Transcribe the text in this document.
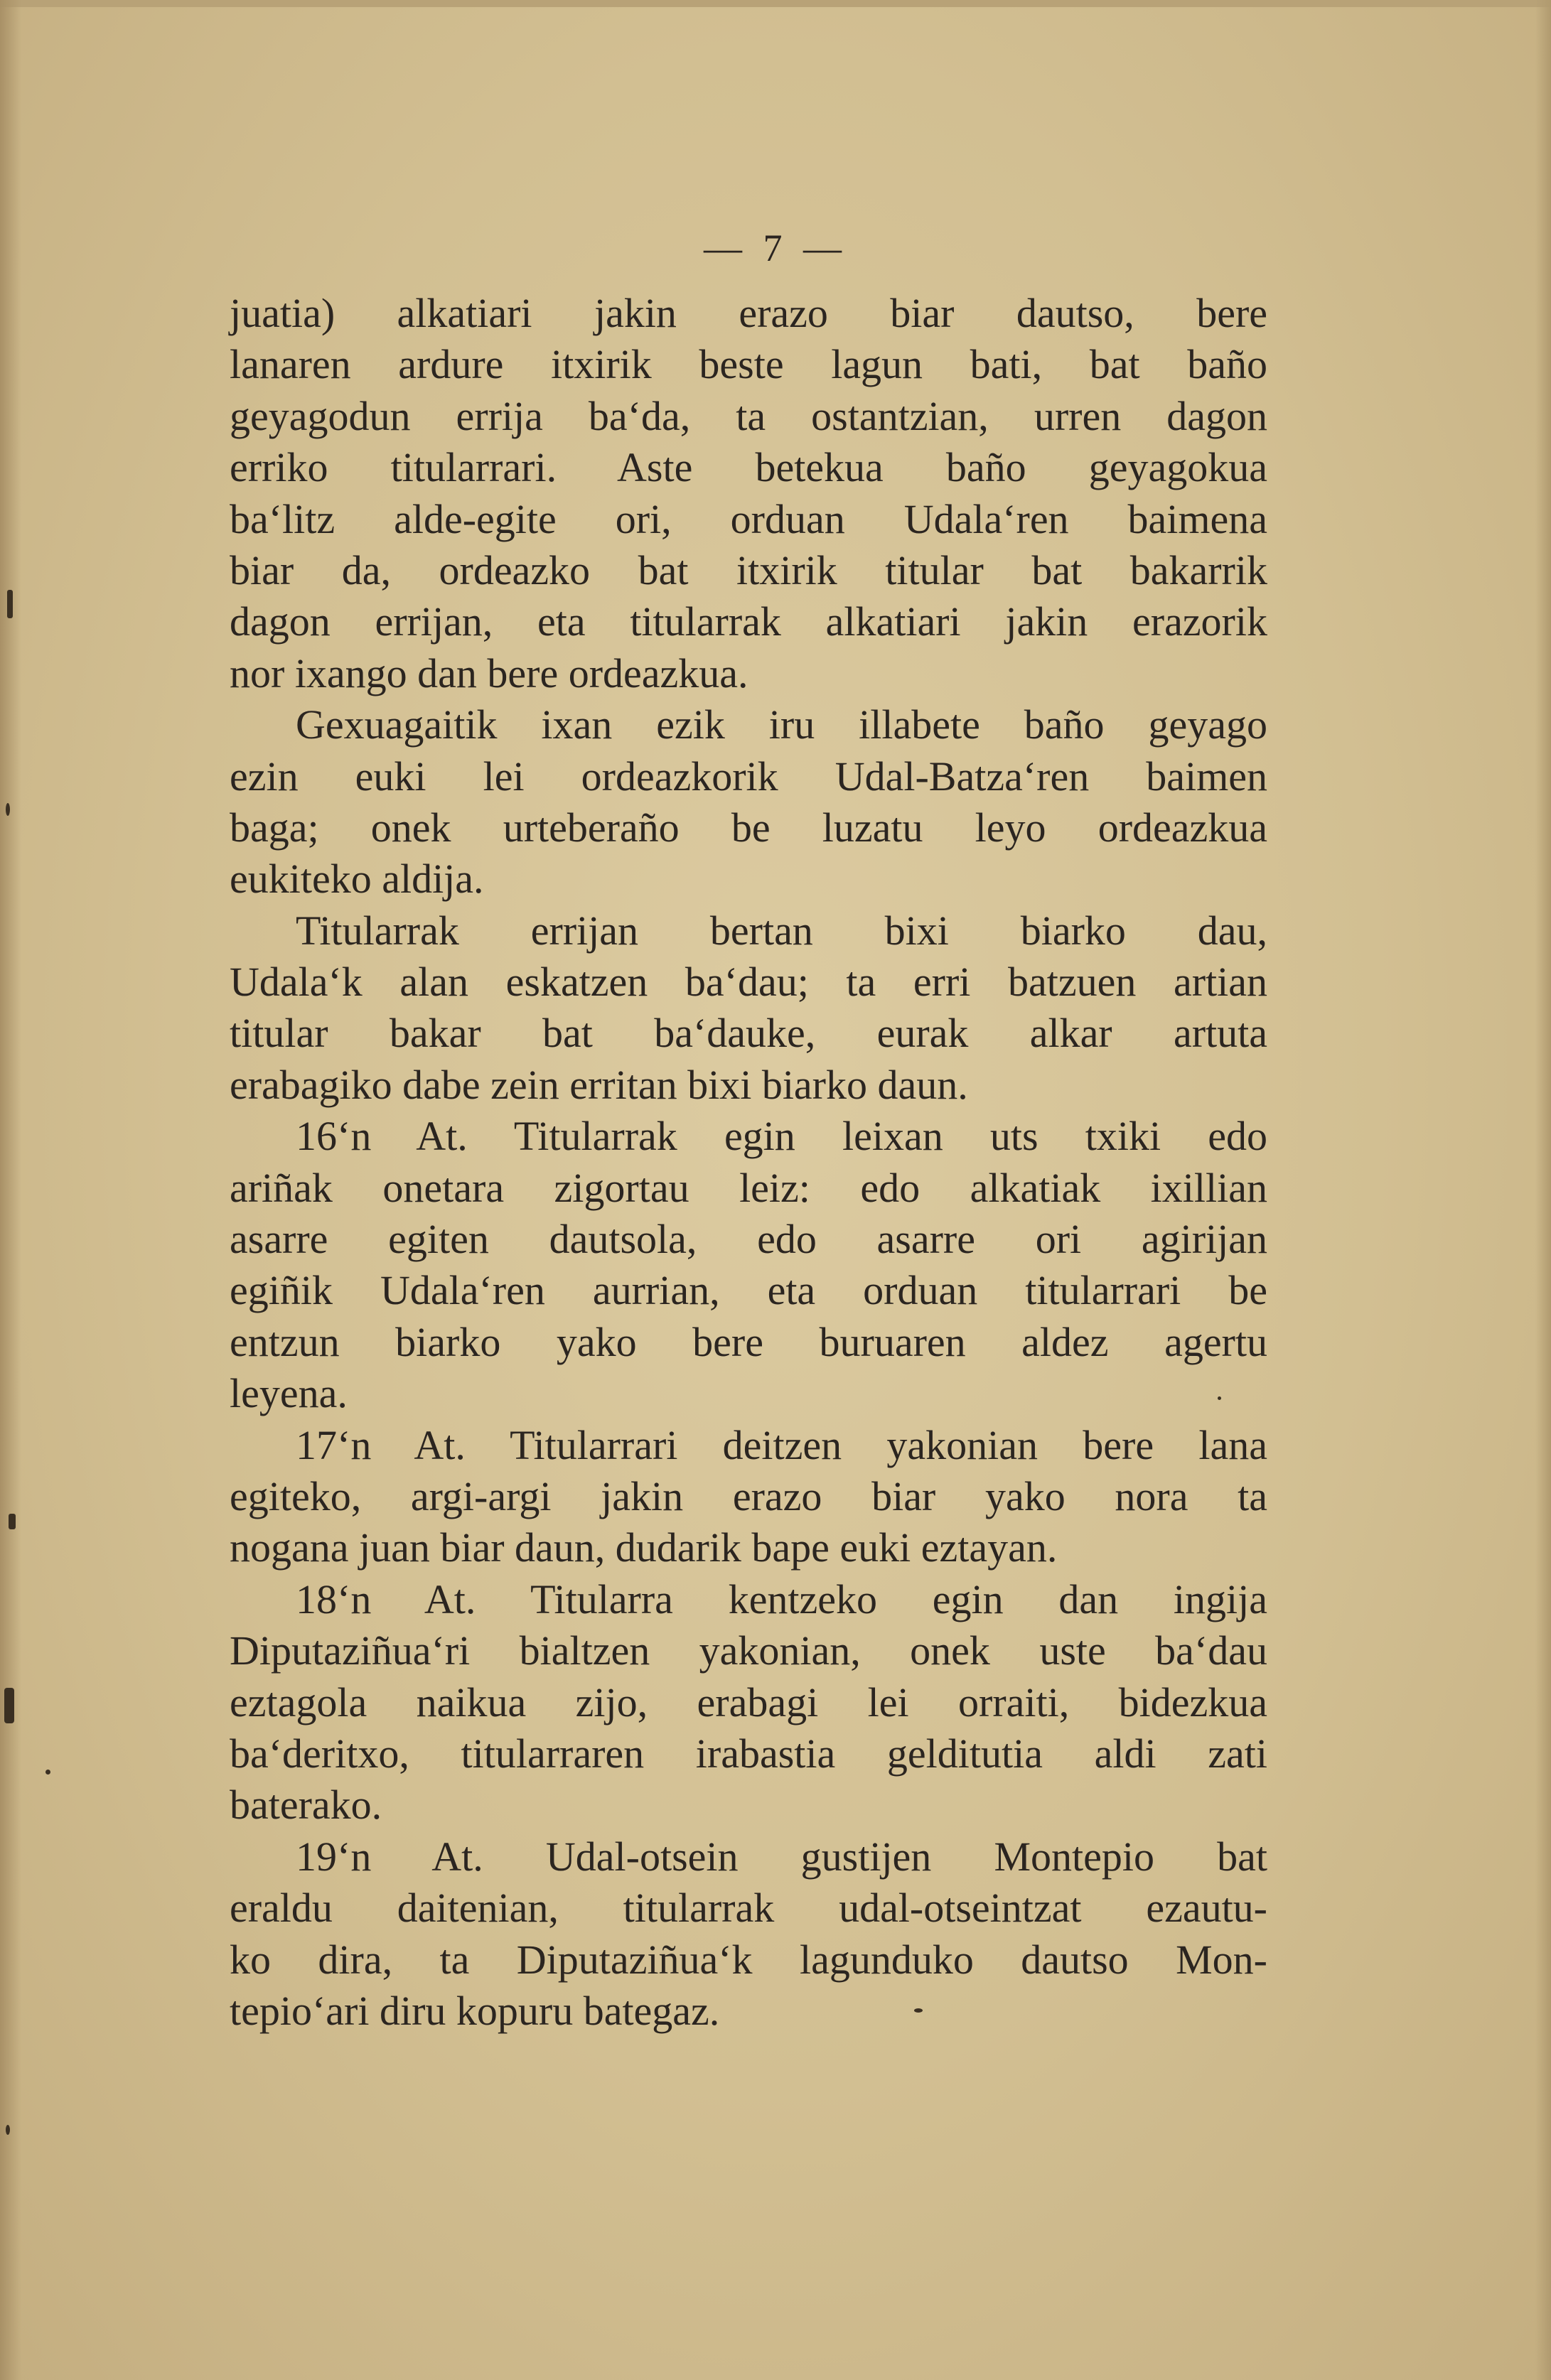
— 7 —
juatia) alkatiari jakin erazo biar dautso, bere
lanaren ardure itxirik beste lagun bati, bat baño
geyagodun errija ba‘da, ta ostantzian, urren dagon
erriko titularrari. Aste betekua baño geyagokua
ba‘litz alde-egite ori, orduan Udala‘ren baimena
biar da, ordeazko bat itxirik titular bat bakarrik
dagon errijan, eta titularrak alkatiari jakin erazorik
nor ixango dan bere ordeazkua.
Gexuagaitik ixan ezik iru illabete baño geyago
ezin euki lei ordeazkorik Udal-Batza‘ren baimen
baga; onek urteberaño be luzatu leyo ordeazkua
eukiteko aldija.
Titularrak errijan bertan bixi biarko dau,
Udala‘k alan eskatzen ba‘dau; ta erri batzuen artian
titular bakar bat ba‘dauke, eurak alkar artuta
erabagiko dabe zein erritan bixi biarko daun.
16‘n At. Titularrak egin leixan uts txiki edo
ariñak onetara zigortau leiz: edo alkatiak ixillian
asarre egiten dautsola, edo asarre ori agirijan
egiñik Udala‘ren aurrian, eta orduan titularrari be
entzun biarko yako bere buruaren aldez agertu
leyena.
17‘n At. Titularrari deitzen yakonian bere lana
egiteko, argi-argi jakin erazo biar yako nora ta
nogana juan biar daun, dudarik bape euki eztayan.
18‘n At. Titularra kentzeko egin dan ingija
Diputaziñua‘ri bialtzen yakonian, onek uste ba‘dau
eztagola naikua zijo, erabagi lei orraiti, bidezkua
ba‘deritxo, titularraren irabastia gelditutia aldi zati
baterako.
19‘n At. Udal-otsein gustijen Montepio bat
eraldu daitenian, titularrak udal-otseintzat ezautu-
ko dira, ta Diputaziñua‘k lagunduko dautso Mon-
tepio‘ari diru kopuru bategaz.
